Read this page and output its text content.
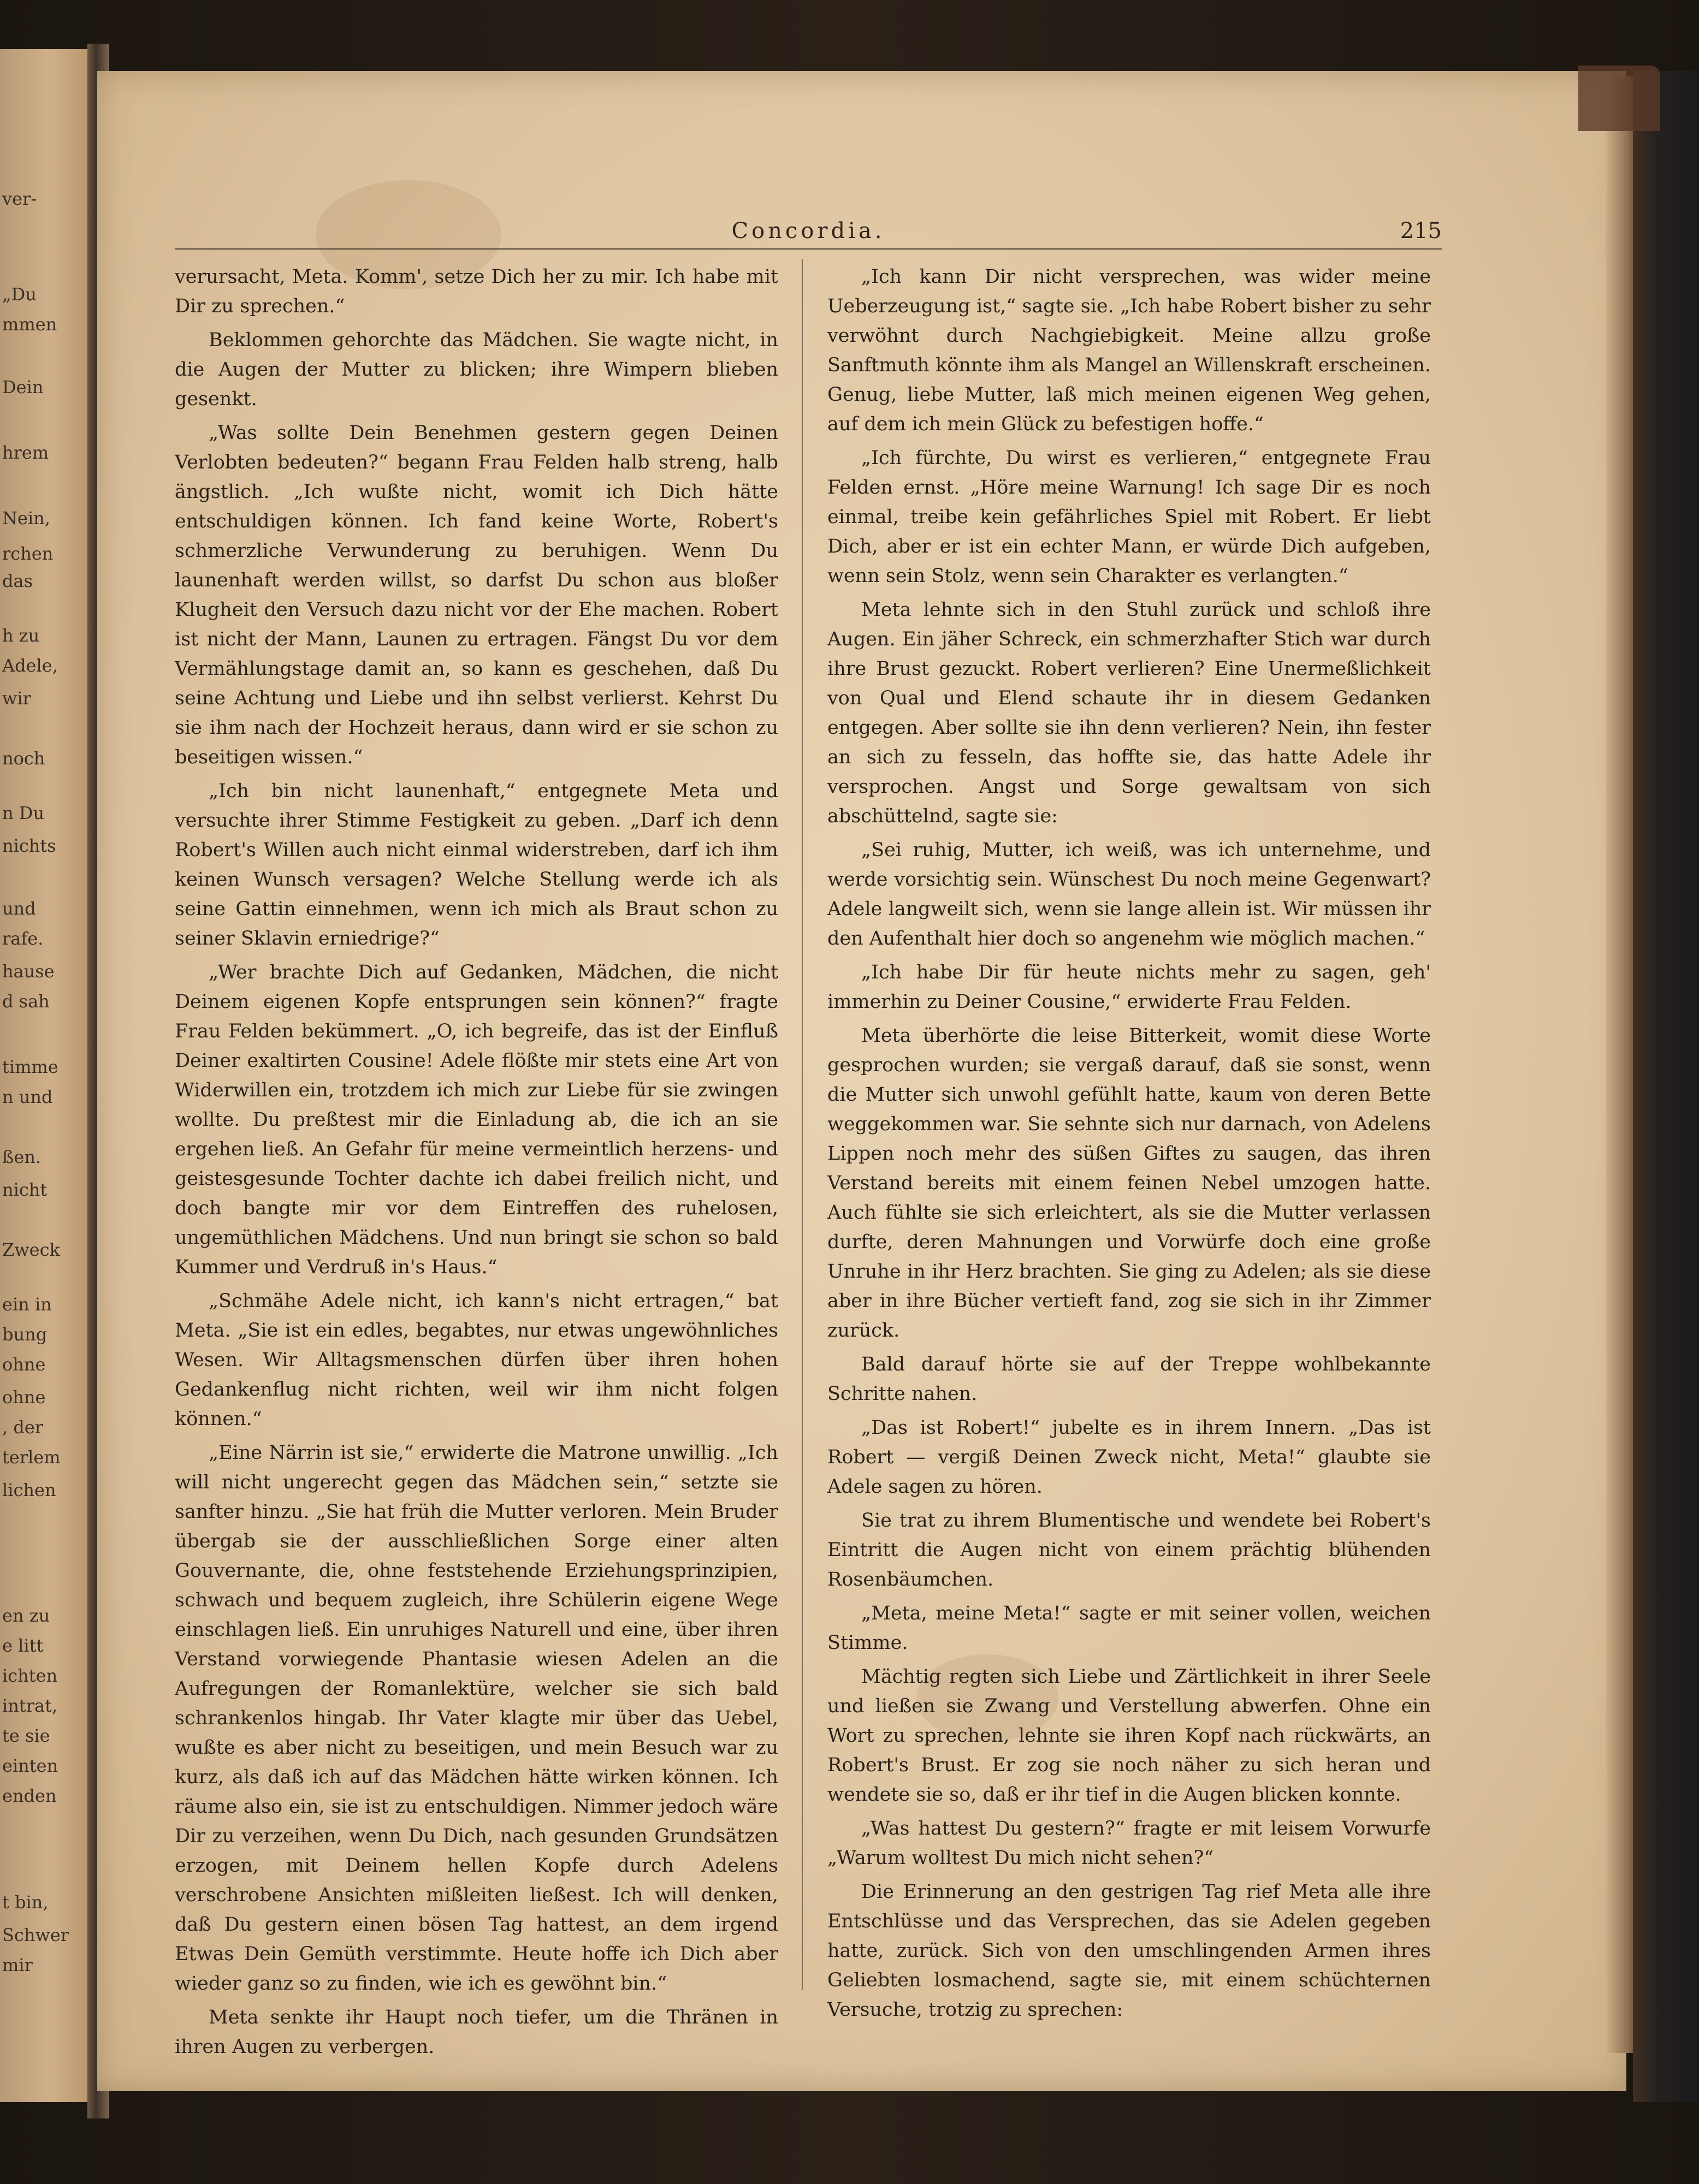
ver-
„Du
mmen
Dein
hrem
Nein,
rchen
das
h zu
Adele,
wir
noch
n Du
nichts
und
rafe.
hause
d sah
timme
n und
ßen.
nicht
Zweck
ein in
bung
ohne
ohne
, der
terlem
lichen
en zu
e litt
ichten
intrat,
te sie
einten
enden
t bin,
Schwer
mir
Concordia.	215

verursacht, Meta. Komm', setze Dich her zu mir. Ich habe mit Dir zu sprechen.“

Beklommen gehorchte das Mädchen. Sie wagte nicht, in die Augen der Mutter zu blicken; ihre Wimpern blieben gesenkt.

„Was sollte Dein Benehmen gestern gegen Deinen Verlobten bedeuten?“ begann Frau Felden halb streng, halb ängstlich. „Ich wußte nicht, womit ich Dich hätte entschuldigen können. Ich fand keine Worte, Robert's schmerzliche Verwunderung zu beruhigen. Wenn Du launenhaft werden willst, so darfst Du schon aus bloßer Klugheit den Versuch dazu nicht vor der Ehe machen. Robert ist nicht der Mann, Launen zu ertragen. Fängst Du vor dem Vermählungstage damit an, so kann es geschehen, daß Du seine Achtung und Liebe und ihn selbst verlierst. Kehrst Du sie ihm nach der Hochzeit heraus, dann wird er sie schon zu beseitigen wissen.“

„Ich bin nicht launenhaft,“ entgegnete Meta und versuchte ihrer Stimme Festigkeit zu geben. „Darf ich denn Robert's Willen auch nicht einmal widerstreben, darf ich ihm keinen Wunsch versagen? Welche Stellung werde ich als seine Gattin einnehmen, wenn ich mich als Braut schon zu seiner Sklavin erniedrige?“

„Wer brachte Dich auf Gedanken, Mädchen, die nicht Deinem eigenen Kopfe entsprungen sein können?“ fragte Frau Felden bekümmert. „O, ich begreife, das ist der Einfluß Deiner exaltirten Cousine! Adele flößte mir stets eine Art von Widerwillen ein, trotzdem ich mich zur Liebe für sie zwingen wollte. Du preßtest mir die Einladung ab, die ich an sie ergehen ließ. An Gefahr für meine vermeintlich herzens- und geistesgesunde Tochter dachte ich dabei freilich nicht, und doch bangte mir vor dem Eintreffen des ruhelosen, ungemüthlichen Mädchens. Und nun bringt sie schon so bald Kummer und Verdruß in's Haus.“

„Schmähe Adele nicht, ich kann's nicht ertragen,“ bat Meta. „Sie ist ein edles, begabtes, nur etwas ungewöhnliches Wesen. Wir Alltagsmenschen dürfen über ihren hohen Gedankenflug nicht richten, weil wir ihm nicht folgen können.“

„Eine Närrin ist sie,“ erwiderte die Matrone unwillig. „Ich will nicht ungerecht gegen das Mädchen sein,“ setzte sie sanfter hinzu. „Sie hat früh die Mutter verloren. Mein Bruder übergab sie der ausschließlichen Sorge einer alten Gouvernante, die, ohne feststehende Erziehungsprinzipien, schwach und bequem zugleich, ihre Schülerin eigene Wege einschlagen ließ. Ein unruhiges Naturell und eine, über ihren Verstand vorwiegende Phantasie wiesen Adelen an die Aufregungen der Romanlektüre, welcher sie sich bald schrankenlos hingab. Ihr Vater klagte mir über das Uebel, wußte es aber nicht zu beseitigen, und mein Besuch war zu kurz, als daß ich auf das Mädchen hätte wirken können. Ich räume also ein, sie ist zu entschuldigen. Nimmer jedoch wäre Dir zu verzeihen, wenn Du Dich, nach gesunden Grundsätzen erzogen, mit Deinem hellen Kopfe durch Adelens verschrobene Ansichten mißleiten ließest. Ich will denken, daß Du gestern einen bösen Tag hattest, an dem irgend Etwas Dein Gemüth verstimmte. Heute hoffe ich Dich aber wieder ganz so zu finden, wie ich es gewöhnt bin.“

Meta senkte ihr Haupt noch tiefer, um die Thränen in ihren Augen zu verbergen.

„Ich kann Dir nicht versprechen, was wider meine Ueberzeugung ist,“ sagte sie. „Ich habe Robert bisher zu sehr verwöhnt durch Nachgiebigkeit. Meine allzu große Sanftmuth könnte ihm als Mangel an Willenskraft erscheinen. Genug, liebe Mutter, laß mich meinen eigenen Weg gehen, auf dem ich mein Glück zu befestigen hoffe.“

„Ich fürchte, Du wirst es verlieren,“ entgegnete Frau Felden ernst. „Höre meine Warnung! Ich sage Dir es noch einmal, treibe kein gefährliches Spiel mit Robert. Er liebt Dich, aber er ist ein echter Mann, er würde Dich aufgeben, wenn sein Stolz, wenn sein Charakter es verlangten.“

Meta lehnte sich in den Stuhl zurück und schloß ihre Augen. Ein jäher Schreck, ein schmerzhafter Stich war durch ihre Brust gezuckt. Robert verlieren? Eine Unermeßlichkeit von Qual und Elend schaute ihr in diesem Gedanken entgegen. Aber sollte sie ihn denn verlieren? Nein, ihn fester an sich zu fesseln, das hoffte sie, das hatte Adele ihr versprochen. Angst und Sorge gewaltsam von sich abschüttelnd, sagte sie:

„Sei ruhig, Mutter, ich weiß, was ich unternehme, und werde vorsichtig sein. Wünschest Du noch meine Gegenwart? Adele langweilt sich, wenn sie lange allein ist. Wir müssen ihr den Aufenthalt hier doch so angenehm wie möglich machen.“

„Ich habe Dir für heute nichts mehr zu sagen, geh' immerhin zu Deiner Cousine,“ erwiderte Frau Felden.

Meta überhörte die leise Bitterkeit, womit diese Worte gesprochen wurden; sie vergaß darauf, daß sie sonst, wenn die Mutter sich unwohl gefühlt hatte, kaum von deren Bette weggekommen war. Sie sehnte sich nur darnach, von Adelens Lippen noch mehr des süßen Giftes zu saugen, das ihren Verstand bereits mit einem feinen Nebel umzogen hatte. Auch fühlte sie sich erleichtert, als sie die Mutter verlassen durfte, deren Mahnungen und Vorwürfe doch eine große Unruhe in ihr Herz brachten. Sie ging zu Adelen; als sie diese aber in ihre Bücher vertieft fand, zog sie sich in ihr Zimmer zurück.

Bald darauf hörte sie auf der Treppe wohlbekannte Schritte nahen.

„Das ist Robert!“ jubelte es in ihrem Innern. „Das ist Robert — vergiß Deinen Zweck nicht, Meta!“ glaubte sie Adele sagen zu hören.

Sie trat zu ihrem Blumentische und wendete bei Robert's Eintritt die Augen nicht von einem prächtig blühenden Rosenbäumchen.

„Meta, meine Meta!“ sagte er mit seiner vollen, weichen Stimme.

Mächtig regten sich Liebe und Zärtlichkeit in ihrer Seele und ließen sie Zwang und Verstellung abwerfen. Ohne ein Wort zu sprechen, lehnte sie ihren Kopf nach rückwärts, an Robert's Brust. Er zog sie noch näher zu sich heran und wendete sie so, daß er ihr tief in die Augen blicken konnte.

„Was hattest Du gestern?“ fragte er mit leisem Vorwurfe „Warum wolltest Du mich nicht sehen?“

Die Erinnerung an den gestrigen Tag rief Meta alle ihre Entschlüsse und das Versprechen, das sie Adelen gegeben hatte, zurück. Sich von den umschlingenden Armen ihres Geliebten losmachend, sagte sie, mit einem schüchternen Versuche, trotzig zu sprechen:
